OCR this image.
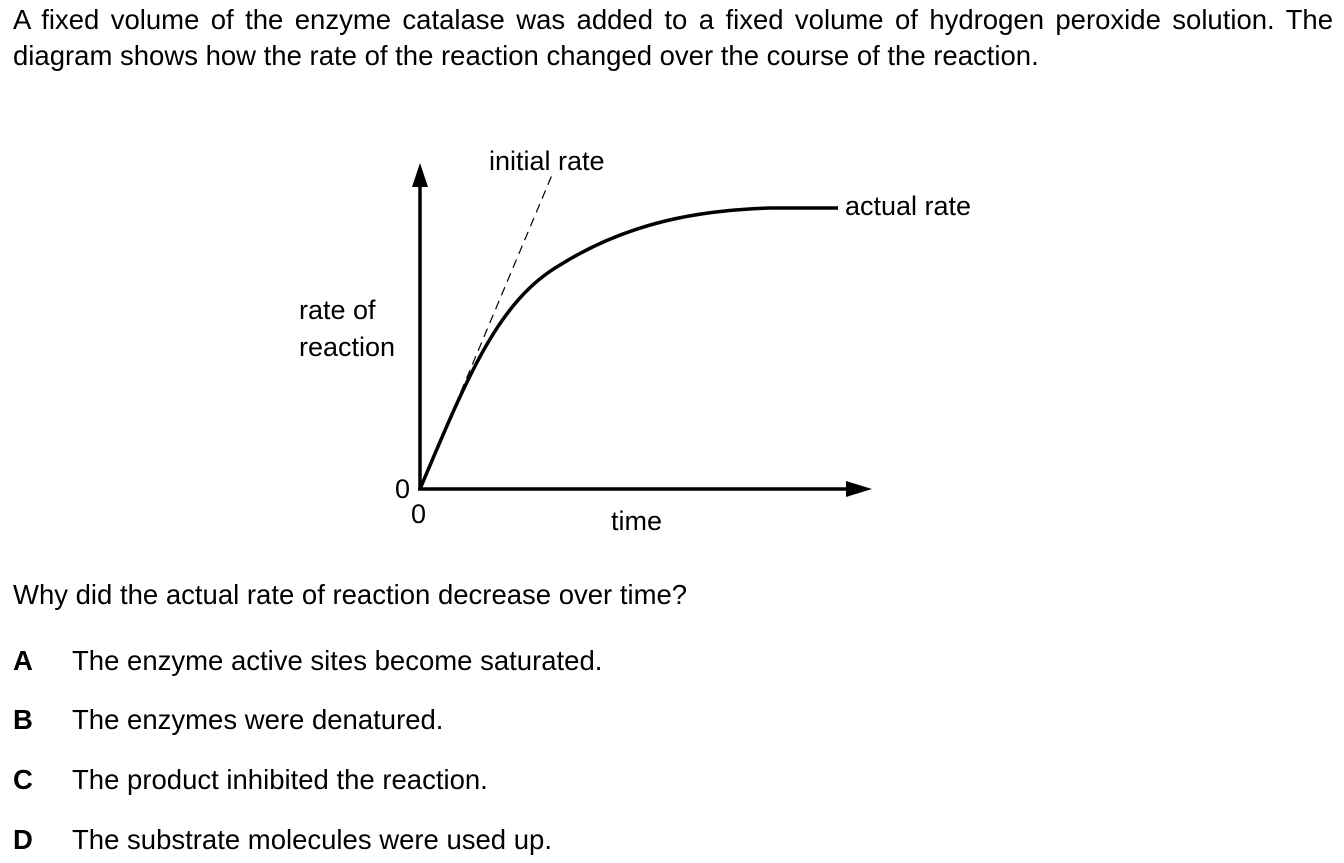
A fixed volume of the enzyme catalase was added to a fixed volume of hydrogen peroxide solution. The diagram shows how the rate of the reaction changed over the course of the reaction.

initial rate
actual rate
rate of
reaction
time
0
0

Why did the actual rate of reaction decrease over time?

A The enzyme active sites become saturated.
B The enzymes were denatured.
C The product inhibited the reaction.
D The substrate molecules were used up.
